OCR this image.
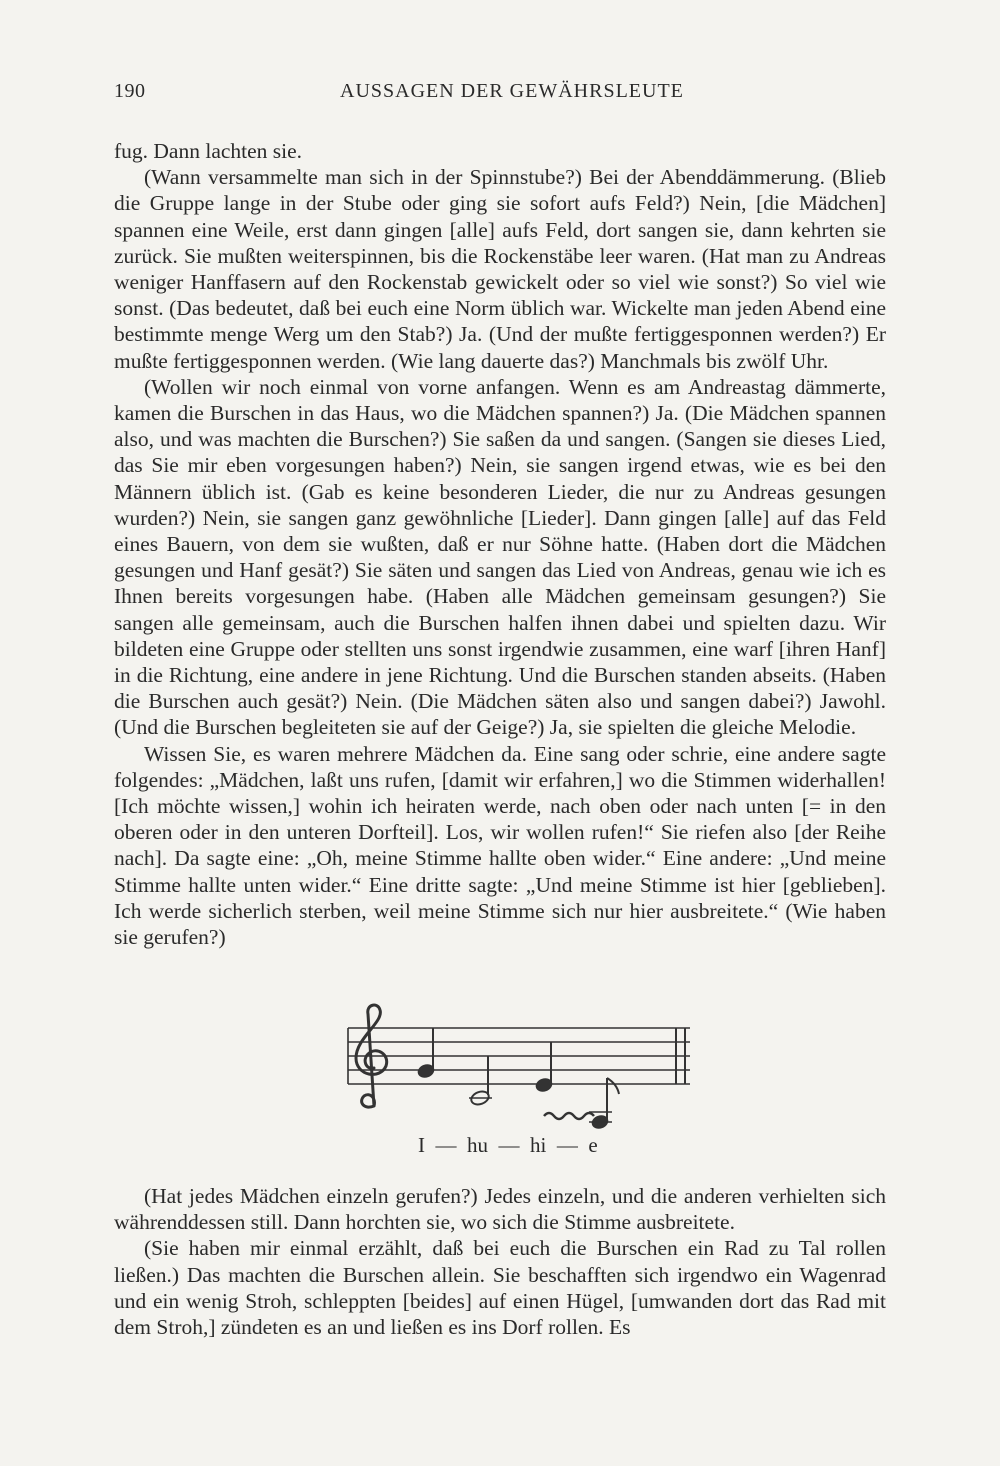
190	AUSSAGEN DER GEWÄHRSLEUTE

fug. Dann lachten sie.

(Wann versammelte man sich in der Spinnstube?) Bei der Abenddämmerung. (Blieb die Gruppe lange in der Stube oder ging sie sofort aufs Feld?) Nein, [die Mädchen] spannen eine Weile, erst dann gingen [alle] aufs Feld, dort sangen sie, dann kehrten sie zurück. Sie mußten weiterspinnen, bis die Rockenstäbe leer waren. (Hat man zu Andreas weniger Hanffasern auf den Rockenstab gewickelt oder so viel wie sonst?) So viel wie sonst. (Das bedeutet, daß bei euch eine Norm üblich war. Wickelte man jeden Abend eine bestimmte menge Werg um den Stab?) Ja. (Und der mußte fertiggesponnen werden?) Er mußte fertiggesponnen werden. (Wie lang dauerte das?) Manchmals bis zwölf Uhr.

(Wollen wir noch einmal von vorne anfangen. Wenn es am Andreastag dämmerte, kamen die Burschen in das Haus, wo die Mädchen spannen?) Ja. (Die Mädchen spannen also, und was machten die Burschen?) Sie saßen da und sangen. (Sangen sie dieses Lied, das Sie mir eben vorgesungen haben?) Nein, sie sangen irgend etwas, wie es bei den Männern üblich ist. (Gab es keine besonderen Lieder, die nur zu Andreas gesungen wurden?) Nein, sie sangen ganz gewöhnliche [Lieder]. Dann gingen [alle] auf das Feld eines Bauern, von dem sie wußten, daß er nur Söhne hatte. (Haben dort die Mädchen gesungen und Hanf gesät?) Sie säten und sangen das Lied von Andreas, genau wie ich es Ihnen bereits vorgesungen habe. (Haben alle Mädchen gemeinsam gesungen?) Sie sangen alle gemeinsam, auch die Burschen halfen ihnen dabei und spielten dazu. Wir bildeten eine Gruppe oder stellten uns sonst irgendwie zusammen, eine warf [ihren Hanf] in die Richtung, eine andere in jene Richtung. Und die Burschen standen abseits. (Haben die Burschen auch gesät?) Nein. (Die Mädchen säten also und sangen dabei?) Jawohl. (Und die Burschen begleiteten sie auf der Geige?) Ja, sie spielten die gleiche Melodie.

Wissen Sie, es waren mehrere Mädchen da. Eine sang oder schrie, eine andere sagte folgendes: „Mädchen, laßt uns rufen, [damit wir erfahren,] wo die Stimmen widerhallen! [Ich möchte wissen,] wohin ich heiraten werde, nach oben oder nach unten [= in den oberen oder in den unteren Dorfteil]. Los, wir wollen rufen!“ Sie riefen also [der Reihe nach]. Da sagte eine: „Oh, meine Stimme hallte oben wider.“ Eine andere: „Und meine Stimme hallte unten wider.“ Eine dritte sagte: „Und meine Stimme ist hier [geblieben]. Ich werde sicherlich sterben, weil meine Stimme sich nur hier ausbreitete.“ (Wie haben sie gerufen?)

I  —  hu  —  hi  —  e

(Hat jedes Mädchen einzeln gerufen?) Jedes einzeln, und die anderen verhielten sich währenddessen still. Dann horchten sie, wo sich die Stimme ausbreitete.

(Sie haben mir einmal erzählt, daß bei euch die Burschen ein Rad zu Tal rollen ließen.) Das machten die Burschen allein. Sie beschafften sich irgendwo ein Wagenrad und ein wenig Stroh, schleppten [beides] auf einen Hügel, [umwanden dort das Rad mit dem Stroh,] zündeten es an und ließen es ins Dorf rollen. Es
